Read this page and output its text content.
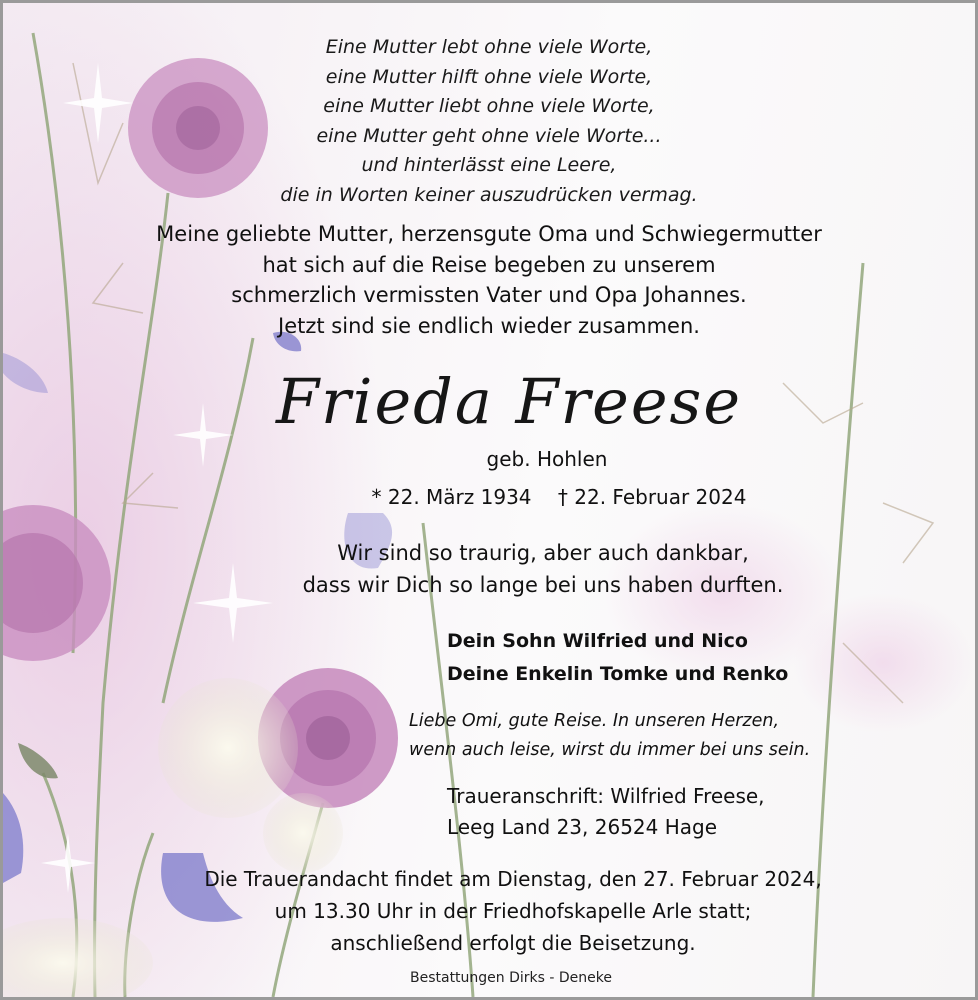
Eine Mutter lebt ohne viele Worte,
eine Mutter hilft ohne viele Worte,
eine Mutter liebt ohne viele Worte,
eine Mutter geht ohne viele Worte...
und hinterlässt eine Leere,
die in Worten keiner auszudrücken vermag.
Meine geliebte Mutter, herzensgute Oma und Schwiegermutter
hat sich auf die Reise begeben zu unserem
schmerzlich vermissten Vater und Opa Johannes.
Jetzt sind sie endlich wieder zusammen.
Frieda Freese
geb. Hohlen
* 22. März 1934 † 22. Februar 2024
Wir sind so traurig, aber auch dankbar,
dass wir Dich so lange bei uns haben durften.
Dein Sohn Wilfried und Nico
Deine Enkelin Tomke und Renko
Liebe Omi, gute Reise. In unseren Herzen,
wenn auch leise, wirst du immer bei uns sein.
Traueranschrift: Wilfried Freese,
Leeg Land 23, 26524 Hage
Die Trauerandacht findet am Dienstag, den 27. Februar 2024,
um 13.30 Uhr in der Friedhofskapelle Arle statt;
anschließend erfolgt die Beisetzung.
Bestattungen Dirks - Deneke
